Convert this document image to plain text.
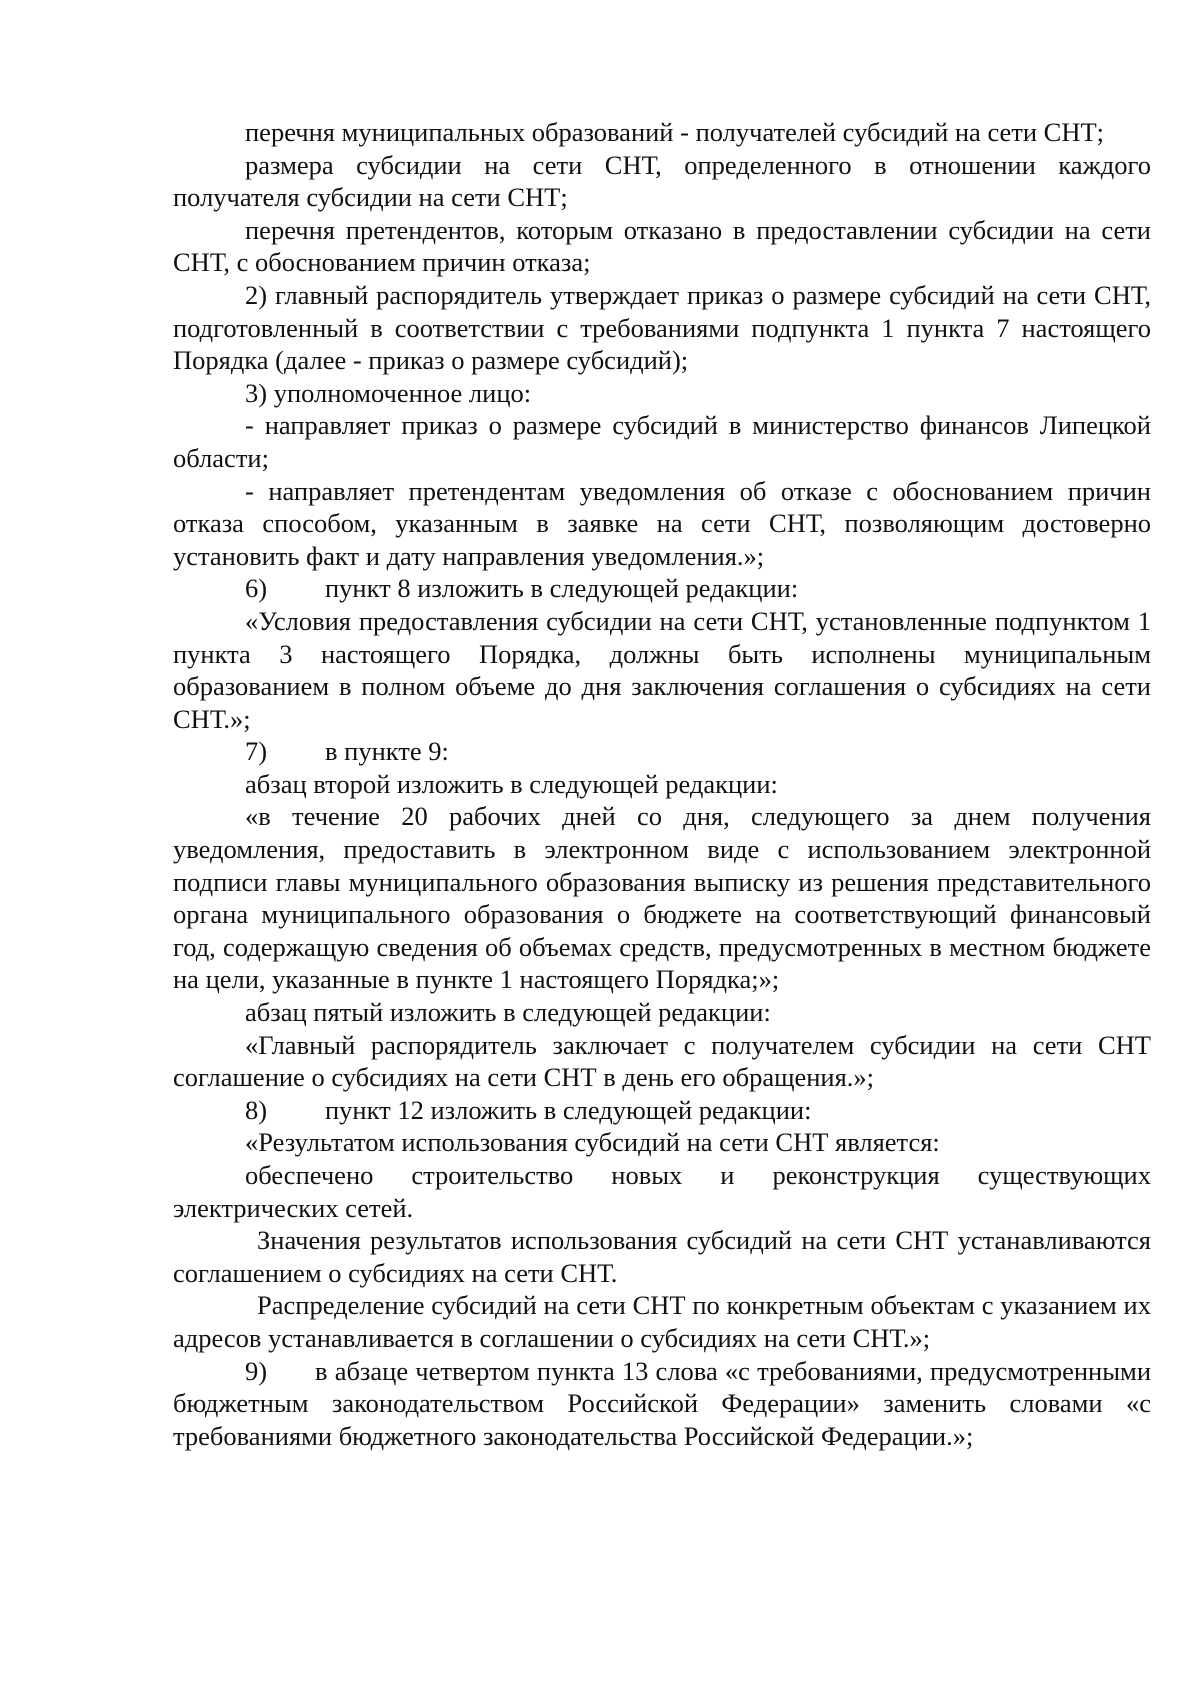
перечня муниципальных образований - получателей субсидий на сети СНТ;

размера субсидии на сети СНТ, определенного в отношении каждого получателя субсидии на сети СНТ;

перечня претендентов, которым отказано в предоставлении субсидии на сети СНТ, с обоснованием причин отказа;

2) главный распорядитель утверждает приказ о размере субсидий на сети СНТ, подготовленный в соответствии с требованиями подпункта 1 пункта 7 настоящего Порядка (далее - приказ о размере субсидий);

3) уполномоченное лицо:

- направляет приказ о размере субсидий в министерство финансов Липецкой области;

- направляет претендентам уведомления об отказе с обоснованием причин отказа способом, указанным в заявке на сети СНТ, позволяющим достоверно установить факт и дату направления уведомления.»;

6) пункт 8 изложить в следующей редакции:

«Условия предоставления субсидии на сети СНТ, установленные подпунктом 1 пункта 3 настоящего Порядка, должны быть исполнены муниципальным образованием в полном объеме до дня заключения соглашения о субсидиях на сети СНТ.»;

7) в пункте 9:

абзац второй изложить в следующей редакции:

«в течение 20 рабочих дней со дня, следующего за днем получения уведомления, предоставить в электронном виде с использованием электронной подписи главы муниципального образования выписку из решения представительного органа муниципального образования о бюджете на соответствующий финансовый год, содержащую сведения об объемах средств, предусмотренных в местном бюджете на цели, указанные в пункте 1 настоящего Порядка;»;

абзац пятый изложить в следующей редакции:

«Главный распорядитель заключает с получателем субсидии на сети СНТ соглашение о субсидиях на сети СНТ в день его обращения.»;

8) пункт 12 изложить в следующей редакции:

«Результатом использования субсидий на сети СНТ является:

обеспечено строительство новых и реконструкция существующих электрических сетей.

Значения результатов использования субсидий на сети СНТ устанавливаются соглашением о субсидиях на сети СНТ.

Распределение субсидий на сети СНТ по конкретным объектам с указанием их адресов устанавливается в соглашении о субсидиях на сети СНТ.»;

9) в абзаце четвертом пункта 13 слова «с требованиями, предусмотренными бюджетным законодательством Российской Федерации» заменить словами «с требованиями бюджетного законодательства Российской Федерации.»;
